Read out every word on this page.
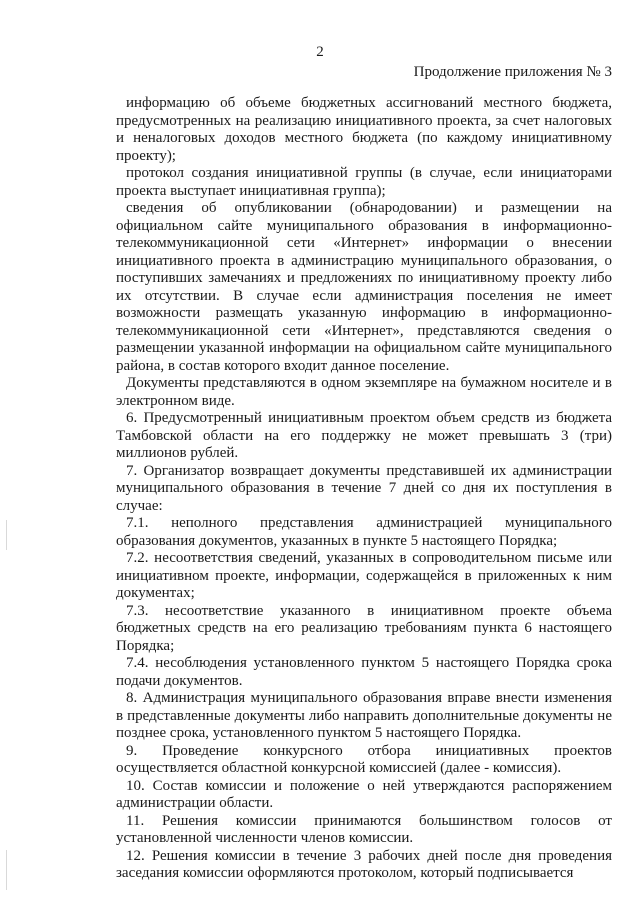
2
Продолжение приложения № 3

информацию об объеме бюджетных ассигнований местного бюджета, предусмотренных на реализацию инициативного проекта, за счет налоговых и неналоговых доходов местного бюджета (по каждому инициативному проекту);

протокол создания инициативной группы (в случае, если инициаторами проекта выступает инициативная группа);

сведения об опубликовании (обнародовании) и размещении на официальном сайте муниципального образования в информационно-телекоммуникационной сети «Интернет» информации о внесении инициативного проекта в администрацию муниципального образования, о поступивших замечаниях и предложениях по инициативному проекту либо их отсутствии. В случае если администрация поселения не имеет возможности размещать указанную информацию в информационно-телекоммуникационной сети «Интернет», представляются сведения о размещении указанной информации на официальном сайте муниципального района, в состав которого входит данное поселение.

Документы представляются в одном экземпляре на бумажном носителе и в электронном виде.

6. Предусмотренный инициативным проектом объем средств из бюджета Тамбовской области на его поддержку не может превышать 3 (три) миллионов рублей.

7. Организатор возвращает документы представившей их администрации муниципального образования в течение 7 дней со дня их поступления в случае:

7.1. неполного представления администрацией муниципального образования документов, указанных в пункте 5 настоящего Порядка;

7.2. несоответствия сведений, указанных в сопроводительном письме или инициативном проекте, информации, содержащейся в приложенных к ним документах;

7.3. несоответствие указанного в инициативном проекте объема бюджетных средств на его реализацию требованиям пункта 6 настоящего Порядка;

7.4. несоблюдения установленного пунктом 5 настоящего Порядка срока подачи документов.

8. Администрация муниципального образования вправе внести изменения в представленные документы либо направить дополнительные документы не позднее срока, установленного пунктом 5 настоящего Порядка.

9. Проведение конкурсного отбора инициативных проектов осуществляется областной конкурсной комиссией (далее - комиссия).

10. Состав комиссии и положение о ней утверждаются распоряжением администрации области.

11. Решения комиссии принимаются большинством голосов от установленной численности членов комиссии.

12. Решения комиссии в течение 3 рабочих дней после дня проведения заседания комиссии оформляются протоколом, который подписывается
